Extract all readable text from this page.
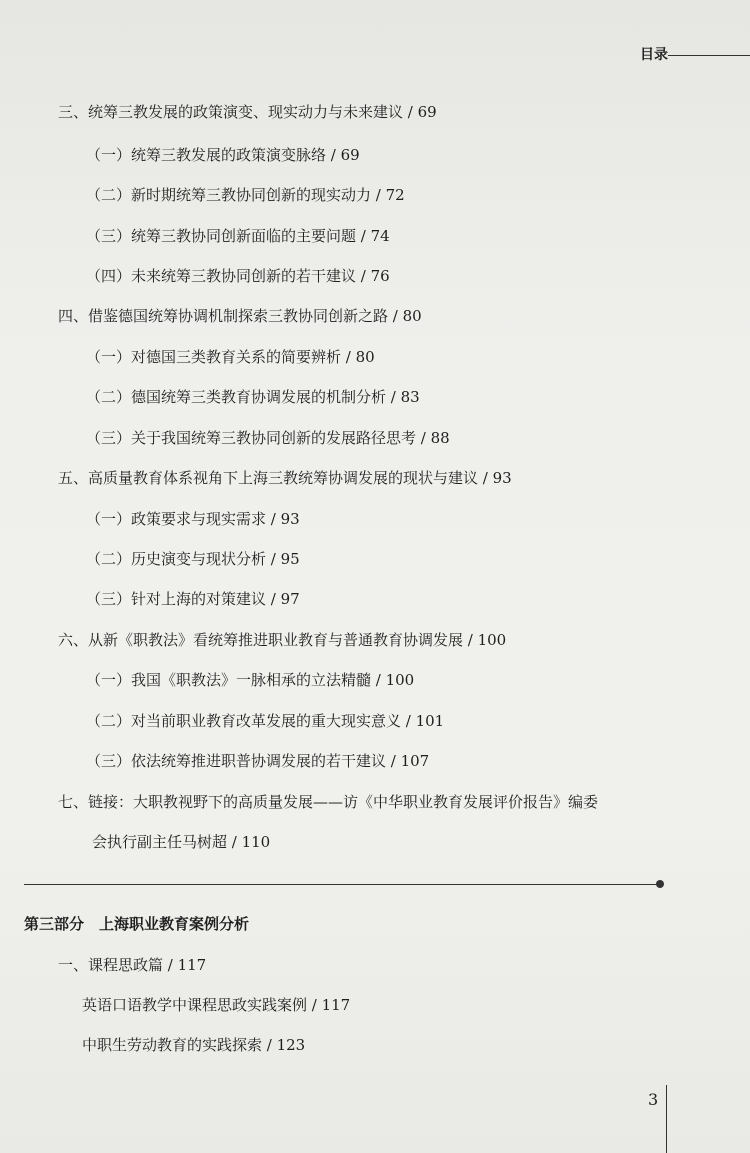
目录
三、统筹三教发展的政策演变、现实动力与未来建议 / 69
（一）统筹三教发展的政策演变脉络 / 69
（二）新时期统筹三教协同创新的现实动力 / 72
（三）统筹三教协同创新面临的主要问题 / 74
（四）未来统筹三教协同创新的若干建议 / 76
四、借鉴德国统筹协调机制探索三教协同创新之路 / 80
（一）对德国三类教育关系的简要辨析 / 80
（二）德国统筹三类教育协调发展的机制分析 / 83
（三）关于我国统筹三教协同创新的发展路径思考 / 88
五、高质量教育体系视角下上海三教统筹协调发展的现状与建议 / 93
（一）政策要求与现实需求 / 93
（二）历史演变与现状分析 / 95
（三）针对上海的对策建议 / 97
六、从新《职教法》看统筹推进职业教育与普通教育协调发展 / 100
（一）我国《职教法》一脉相承的立法精髓 / 100
（二）对当前职业教育改革发展的重大现实意义 / 101
（三）依法统筹推进职普协调发展的若干建议 / 107
七、链接：大职教视野下的高质量发展——访《中华职业教育发展评价报告》编委
会执行副主任马树超 / 110
第三部分　上海职业教育案例分析
一、课程思政篇 / 117
英语口语教学中课程思政实践案例 / 117
中职生劳动教育的实践探索 / 123
3
